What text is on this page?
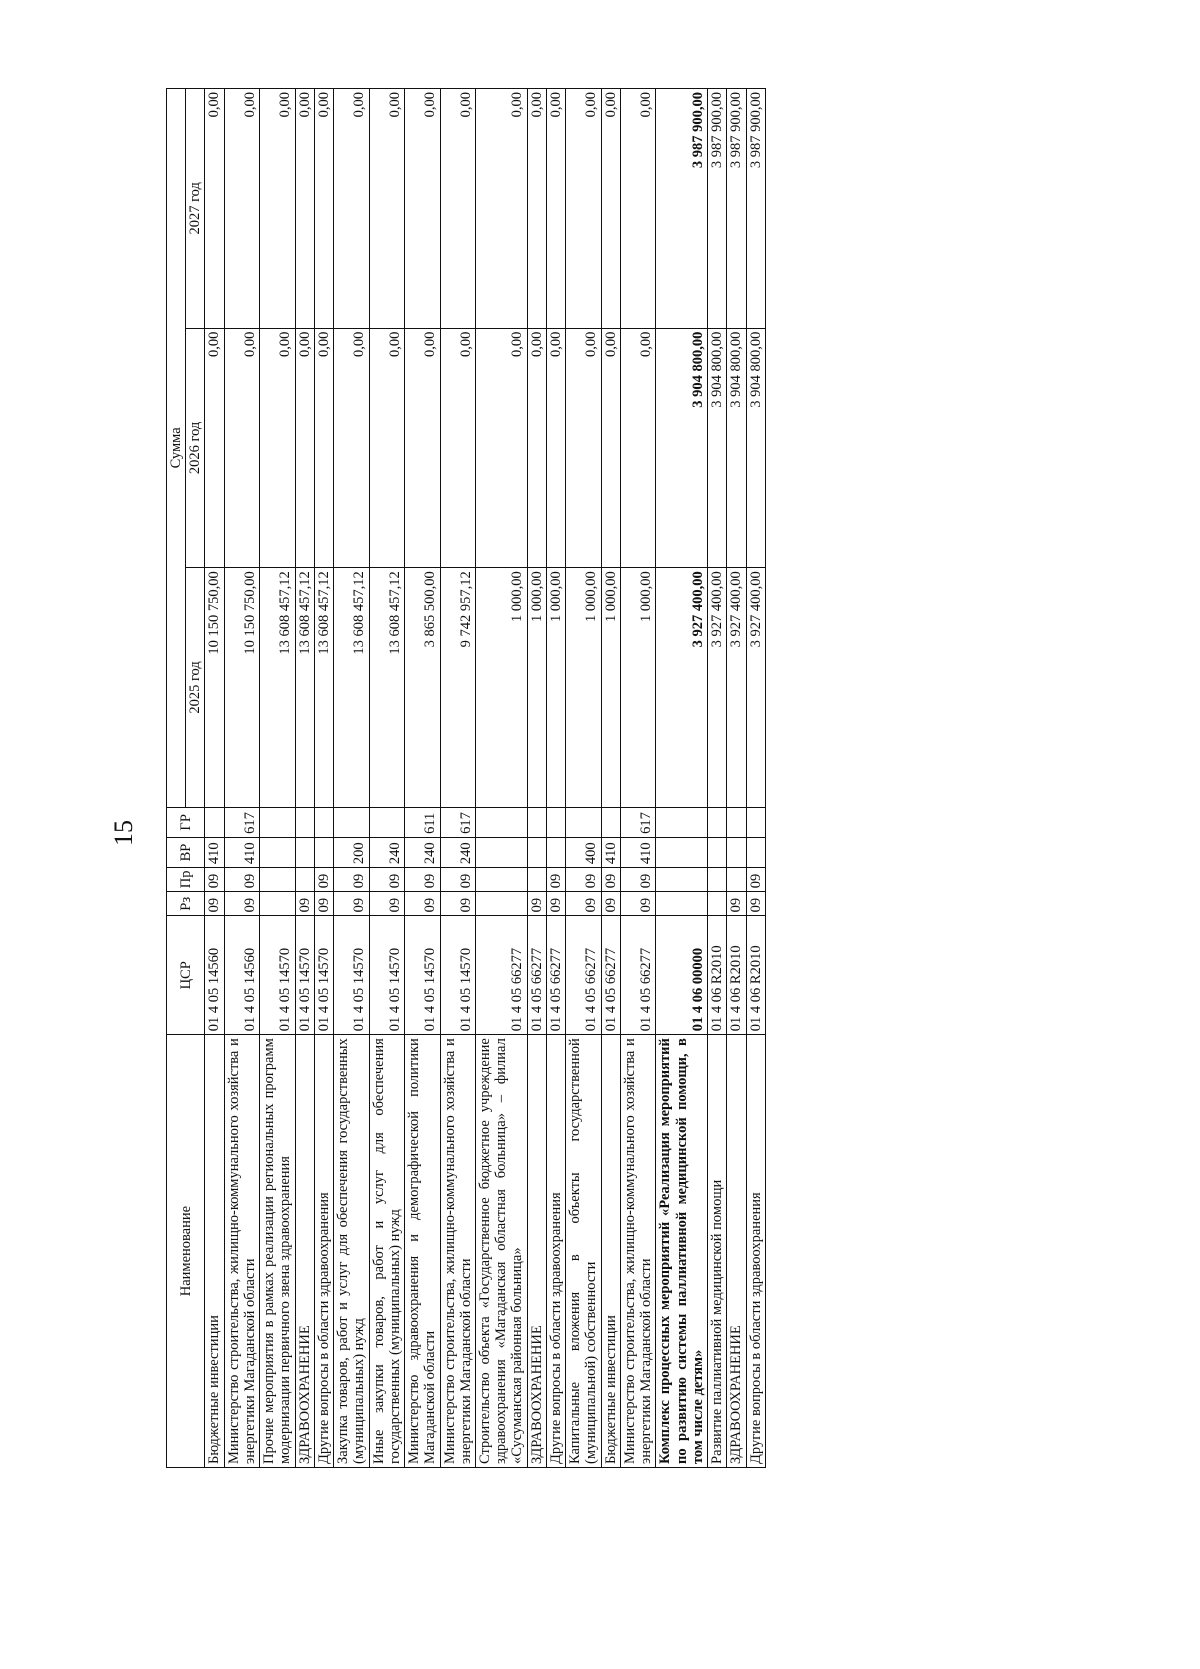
15
Наименование	ЦСР	Рз	Пр	ВР	ГР	Сумма		
						2025 год	2026 год	2027 год
Бюджетные инвестиции	01 4 05 14560	09	09	410		10 150 750,00	0,00	0,00
Министерство строительства, жилищно-коммунального хозяйства и энергетики Магаданской области	01 4 05 14560	09	09	410	617	10 150 750,00	0,00	0,00
Прочие мероприятия в рамках реализации региональных программ модернизации первичного звена здравоохранения	01 4 05 14570					13 608 457,12	0,00	0,00
ЗДРАВООХРАНЕНИЕ	01 4 05 14570	09				13 608 457,12	0,00	0,00
Другие вопросы в области здравоохранения	01 4 05 14570	09	09			13 608 457,12	0,00	0,00
Закупка товаров, работ и услуг для обеспечения государственных (муниципальных) нужд	01 4 05 14570	09	09	200		13 608 457,12	0,00	0,00
Иные закупки товаров, работ и услуг для обеспечения государственных (муниципальных) нужд	01 4 05 14570	09	09	240		13 608 457,12	0,00	0,00
Министерство здравоохранения и демографической политики Магаданской области	01 4 05 14570	09	09	240	611	3 865 500,00	0,00	0,00
Министерство строительства, жилищно-коммунального хозяйства и энергетики Магаданской области	01 4 05 14570	09	09	240	617	9 742 957,12	0,00	0,00
Строительство объекта «Государственное бюджетное учреждение здравоохранения «Магаданская областная больница» – филиал «Сусуманская районная больница»	01 4 05 66277					1 000,00	0,00	0,00
ЗДРАВООХРАНЕНИЕ	01 4 05 66277	09				1 000,00	0,00	0,00
Другие вопросы в области здравоохранения	01 4 05 66277	09	09			1 000,00	0,00	0,00
Капитальные вложения в объекты государственной (муниципальной) собственности	01 4 05 66277	09	09	400		1 000,00	0,00	0,00
Бюджетные инвестиции	01 4 05 66277	09	09	410		1 000,00	0,00	0,00
Министерство строительства, жилищно-коммунального хозяйства и энергетики Магаданской области	01 4 05 66277	09	09	410	617	1 000,00	0,00	0,00
Комплекс процессных мероприятий «Реализация мероприятий по развитию системы паллиативной медицинской помощи, в том числе детям»	01 4 06 00000					3 927 400,00	3 904 800,00	3 987 900,00
Развитие паллиативной медицинской помощи	01 4 06 R2010					3 927 400,00	3 904 800,00	3 987 900,00
ЗДРАВООХРАНЕНИЕ	01 4 06 R2010	09				3 927 400,00	3 904 800,00	3 987 900,00
Другие вопросы в области здравоохранения	01 4 06 R2010	09	09			3 927 400,00	3 904 800,00	3 987 900,00
